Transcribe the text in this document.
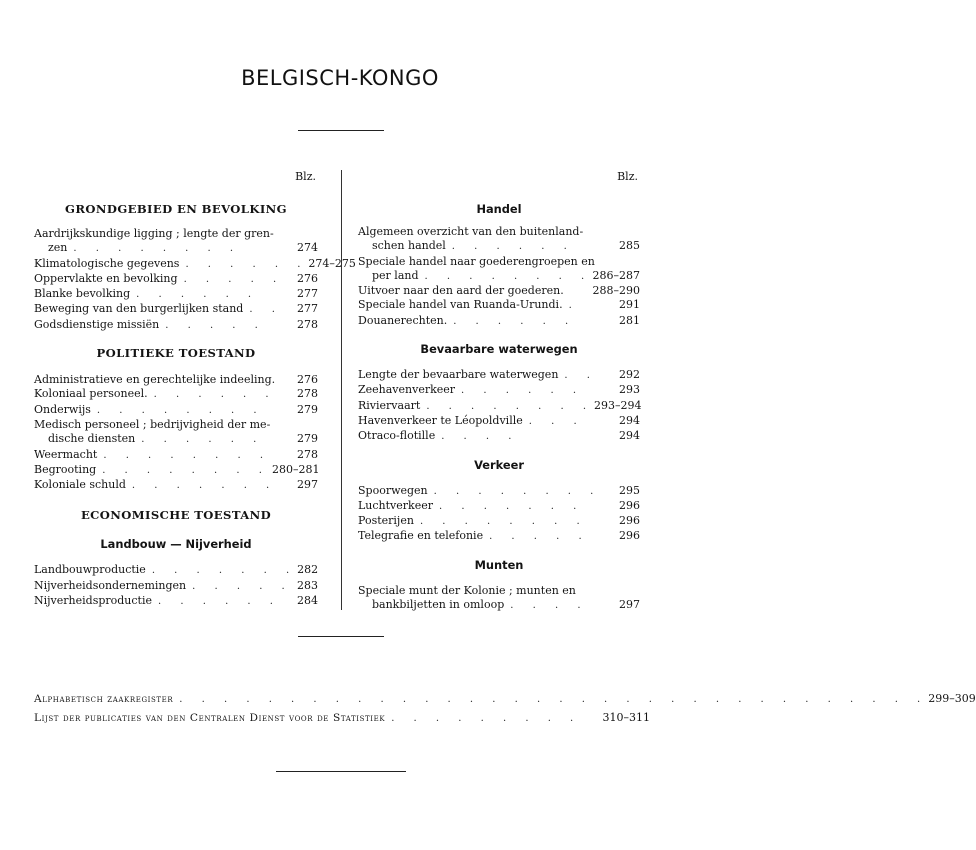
BELGISCH-KONGO
Blz.
GRONDGEBIED EN BEVOLKING
Aardrijkskundige ligging ; lengte der gren-
zen . . . . . . . .	274
Klimatologische gegevens . . . . . . 274–275
Oppervlakte en bevolking . . . . .	276
Blanke bevolking . . . . . .	277
Beweging van den burgerlijken stand . .	277
Godsdienstige missiën . . . . .	278
POLITIEKE TOESTAND
Administratieve en gerechtelijke indeeling.	276
Koloniaal personeel. . . . . . .	278
Onderwijs . . . . . . . .	279
Medisch personeel ; bedrijvigheid der me-
dische diensten . . . . . .	279
Weermacht . . . . . . . .	278
Begrooting . . . . . . . . 280–281
Koloniale schuld . . . . . . .	297
ECONOMISCHE TOESTAND
Landbouw — Nijverheid
Landbouwproductie . . . . . . . 282
Nijverheidsondernemingen . . . . . 283
Nijverheidsproductie . . . . . .	284
Blz.
Handel
Algemeen overzicht van den buitenland-
schen handel . . . . . .	285
Speciale handel naar goederengroepen en
per land . . . . . . . . 286–287
Uitvoer naar den aard der goederen.	288–290
Speciale handel van Ruanda-Urundi. .	291
Douanerechten. . . . . . .	281
Bevaarbare waterwegen
Lengte der bevaarbare waterwegen . .	292
Zeehavenverkeer . . . . . .	293
Riviervaart . . . . . . . . 293–294
Havenverkeer te Léopoldville . . .	294
Otraco-flotille . . . .	294
Verkeer
Spoorwegen . . . . . . . .	295
Luchtverkeer . . . . . . .	296
Posterijen . . . . . . . .	296
Telegrafie en telefonie . . . . .	296
Munten
Speciale munt der Kolonie ; munten en
bankbiljetten in omloop . . . .	297
Alphabetisch zaakregister . . . . . . . . . . . . . . . . . . . . . . . . . . . . . . . . . . 299–309
Lijst der publicaties van den Centralen Dienst voor de Statistiek . . . . . . . . .	310–311
